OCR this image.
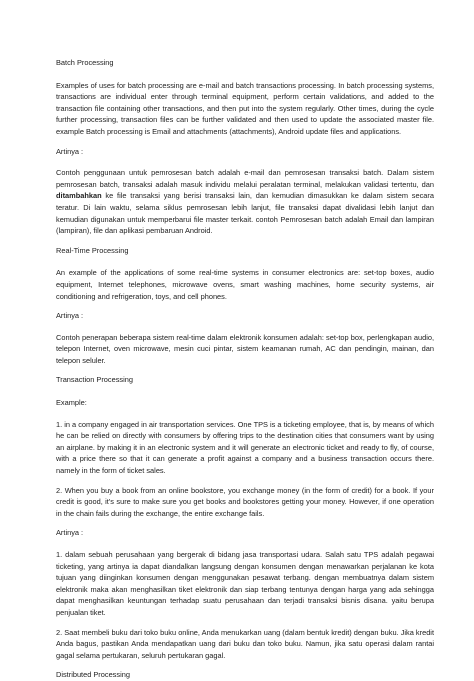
Batch Processing

Examples of uses for batch processing are e-mail and batch transactions processing. In batch processing systems, transactions are individual enter through terminal equipment, perform certain validations, and added to the transaction file containing other transactions, and then put into the system regularly. Other times, during the cycle further processing, transaction files can be further validated and then used to update the associated master file. example Batch processing is Email and attachments (attachments), Android update files and applications.

Artinya :

Contoh penggunaan untuk pemrosesan batch adalah e-mail dan pemrosesan transaksi batch. Dalam sistem pemrosesan batch, transaksi adalah masuk individu melalui peralatan terminal, melakukan validasi tertentu, dan ditambahkan ke file transaksi yang berisi transaksi lain, dan kemudian dimasukkan ke dalam sistem secara teratur. Di lain waktu, selama siklus pemrosesan lebih lanjut, file transaksi dapat divalidasi lebih lanjut dan kemudian digunakan untuk memperbarui file master terkait. contoh Pemrosesan batch adalah Email dan lampiran (lampiran), file dan aplikasi pembaruan Android.

Real-Time Processing

An example of the applications of some real-time systems in consumer electronics are: set-top boxes, audio equipment, Internet telephones, microwave ovens, smart washing machines, home security systems, air conditioning and refrigeration, toys, and cell phones.

Artinya :

Contoh penerapan beberapa sistem real-time dalam elektronik konsumen adalah: set-top box, perlengkapan audio, telepon Internet, oven microwave, mesin cuci pintar, sistem keamanan rumah, AC dan pendingin, mainan, dan telepon seluler.

Transaction Processing

Example:

1. in a company engaged in air transportation services. One TPS is a ticketing employee, that is, by means of which he can be relied on directly with consumers by offering trips to the destination cities that consumers want by using an airplane. by making it in an electronic system and it will generate an electronic ticket and ready to fly, of course, with a price there so that it can generate a profit against a company and a business transaction occurs there. namely in the form of ticket sales.

2. When you buy a book from an online bookstore, you exchange money (in the form of credit) for a book. If your credit is good, it's sure to make sure you get books and bookstores getting your money. However, if one operation in the chain fails during the exchange, the entire exchange fails.

Artinya :

1. dalam sebuah perusahaan yang bergerak di bidang jasa transportasi udara. Salah satu TPS adalah pegawai ticketing, yang artinya ia dapat diandalkan langsung dengan konsumen dengan menawarkan perjalanan ke kota tujuan yang diinginkan konsumen dengan menggunakan pesawat terbang. dengan membuatnya dalam sistem elektronik maka akan menghasilkan tiket elektronik dan siap terbang tentunya dengan harga yang ada sehingga dapat menghasilkan keuntungan terhadap suatu perusahaan dan terjadi transaksi bisnis disana. yaitu berupa penjualan tiket.

2. Saat membeli buku dari toko buku online, Anda menukarkan uang (dalam bentuk kredit) dengan buku. Jika kredit Anda bagus, pastikan Anda mendapatkan uang dari buku dan toko buku. Namun, jika satu operasi dalam rantai gagal selama pertukaran, seluruh pertukaran gagal.

Distributed Processing
